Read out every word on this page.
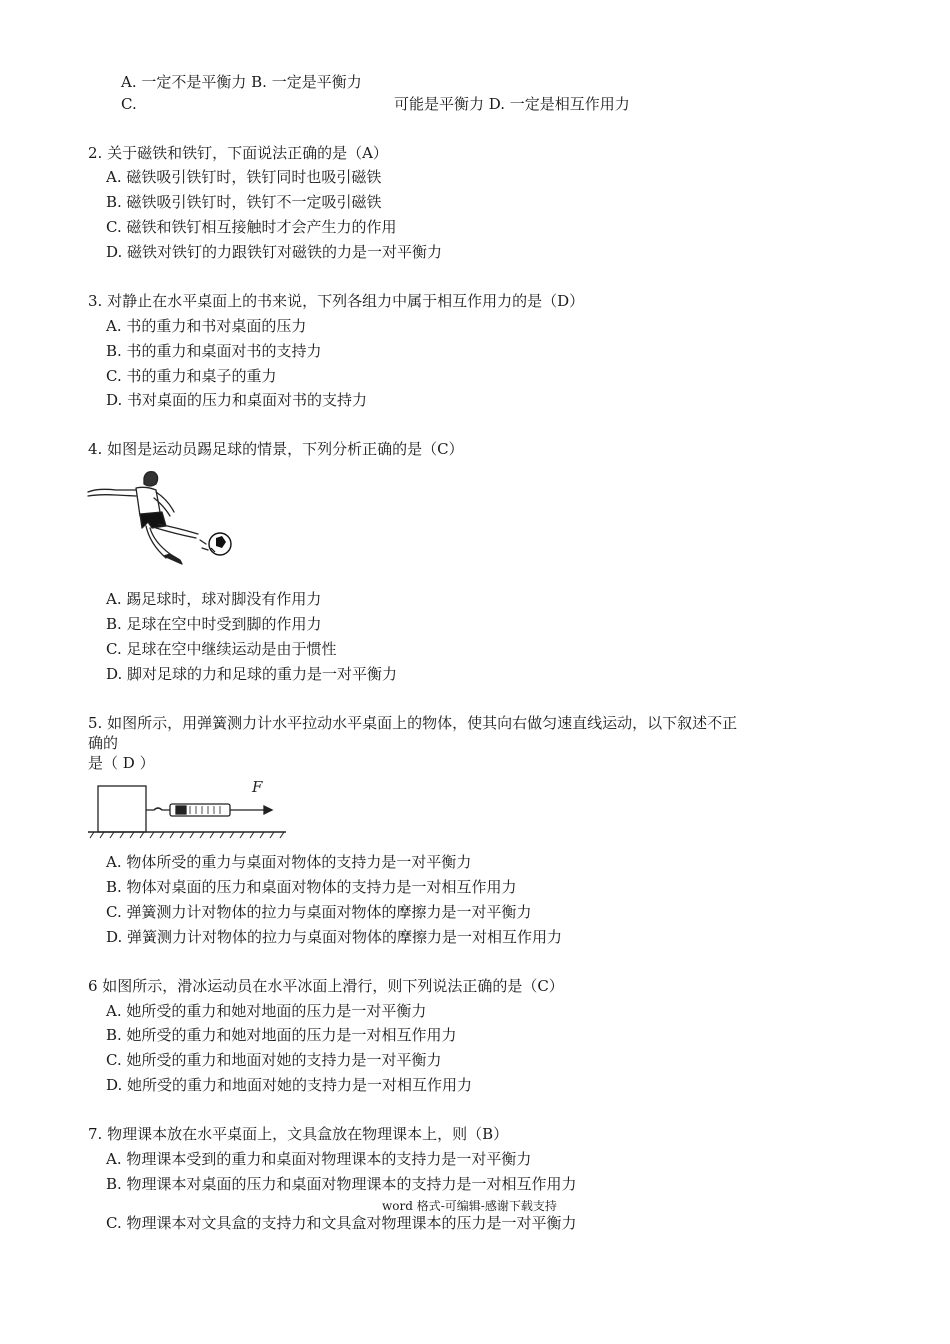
A. 一定不是平衡力 B. 一定是平衡力
C.	可能是平衡力 D. 一定是相互作用力
2. 关于磁铁和铁钉，下面说法正确的是（A）
A. 磁铁吸引铁钉时，铁钉同时也吸引磁铁
B. 磁铁吸引铁钉时，铁钉不一定吸引磁铁
C. 磁铁和铁钉相互接触时才会产生力的作用
D. 磁铁对铁钉的力跟铁钉对磁铁的力是一对平衡力
3. 对静止在水平桌面上的书来说，下列各组力中属于相互作用力的是（D）
A. 书的重力和书对桌面的压力
B. 书的重力和桌面对书的支持力
C. 书的重力和桌子的重力
D. 书对桌面的压力和桌面对书的支持力
4. 如图是运动员踢足球的情景，下列分析正确的是（C）
A. 踢足球时，球对脚没有作用力
B. 足球在空中时受到脚的作用力
C. 足球在空中继续运动是由于惯性
D. 脚对足球的力和足球的重力是一对平衡力
5. 如图所示，用弹簧测力计水平拉动水平桌面上的物体，使其向右做匀速直线运动，以下叙述不正
确的
是（ D ）
F
A. 物体所受的重力与桌面对物体的支持力是一对平衡力
B. 物体对桌面的压力和桌面对物体的支持力是一对相互作用力
C. 弹簧测力计对物体的拉力与桌面对物体的摩擦力是一对平衡力
D. 弹簧测力计对物体的拉力与桌面对物体的摩擦力是一对相互作用力
6 如图所示，滑冰运动员在水平冰面上滑行，则下列说法正确的是（C）
A. 她所受的重力和她对地面的压力是一对平衡力
B. 她所受的重力和她对地面的压力是一对相互作用力
C. 她所受的重力和地面对她的支持力是一对平衡力
D. 她所受的重力和地面对她的支持力是一对相互作用力
7. 物理课本放在水平桌面上，文具盒放在物理课本上，则（B）
A. 物理课本受到的重力和桌面对物理课本的支持力是一对平衡力
B. 物理课本对桌面的压力和桌面对物理课本的支持力是一对相互作用力
word 格式-可编辑-感谢下载支持
C. 物理课本对文具盒的支持力和文具盒对物理课本的压力是一对平衡力
